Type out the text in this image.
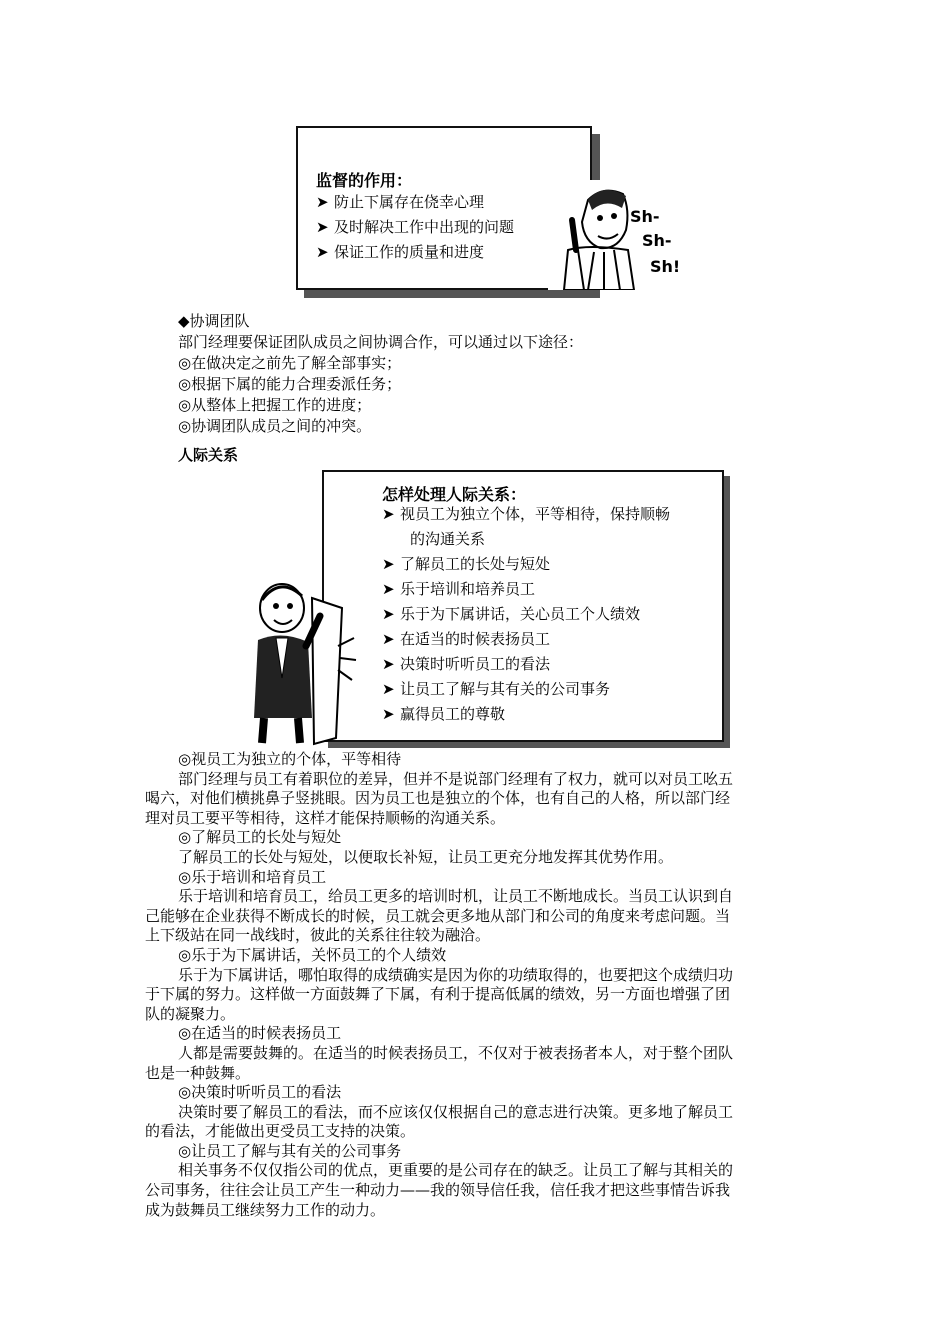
监督的作用：
➤ 防止下属存在侥幸心理
➤ 及时解决工作中出现的问题
➤ 保证工作的质量和进度
Sh-
Sh-
Sh!
◆协调团队
部门经理要保证团队成员之间协调合作，可以通过以下途径：
◎在做决定之前先了解全部事实；
◎根据下属的能力合理委派任务；
◎从整体上把握工作的进度；
◎协调团队成员之间的冲突。
人际关系
怎样处理人际关系：
➤ 视员工为独立个体，平等相待，保持顺畅
的沟通关系
➤ 了解员工的长处与短处
➤ 乐于培训和培养员工
➤ 乐于为下属讲话，关心员工个人绩效
➤ 在适当的时候表扬员工
➤ 决策时听听员工的看法
➤ 让员工了解与其有关的公司事务
➤ 赢得员工的尊敬
◎视员工为独立的个体，平等相待
部门经理与员工有着职位的差异，但并不是说部门经理有了权力，就可以对员工吆五
喝六，对他们横挑鼻子竖挑眼。因为员工也是独立的个体，也有自己的人格，所以部门经
理对员工要平等相待，这样才能保持顺畅的沟通关系。
◎了解员工的长处与短处
了解员工的长处与短处，以便取长补短，让员工更充分地发挥其优势作用。
◎乐于培训和培育员工
乐于培训和培育员工，给员工更多的培训时机，让员工不断地成长。当员工认识到自
己能够在企业获得不断成长的时候，员工就会更多地从部门和公司的角度来考虑问题。当
上下级站在同一战线时，彼此的关系往往较为融洽。
◎乐于为下属讲话，关怀员工的个人绩效
乐于为下属讲话，哪怕取得的成绩确实是因为你的功绩取得的，也要把这个成绩归功
于下属的努力。这样做一方面鼓舞了下属，有利于提高低属的绩效，另一方面也增强了团
队的凝聚力。
◎在适当的时候表扬员工
人都是需要鼓舞的。在适当的时候表扬员工，不仅对于被表扬者本人，对于整个团队
也是一种鼓舞。
◎决策时听听员工的看法
决策时要了解员工的看法，而不应该仅仅根据自己的意志进行决策。更多地了解员工
的看法，才能做出更受员工支持的决策。
◎让员工了解与其有关的公司事务
相关事务不仅仅指公司的优点，更重要的是公司存在的缺乏。让员工了解与其相关的
公司事务，往往会让员工产生一种动力——我的领导信任我，信任我才把这些事情告诉我
成为鼓舞员工继续努力工作的动力。
